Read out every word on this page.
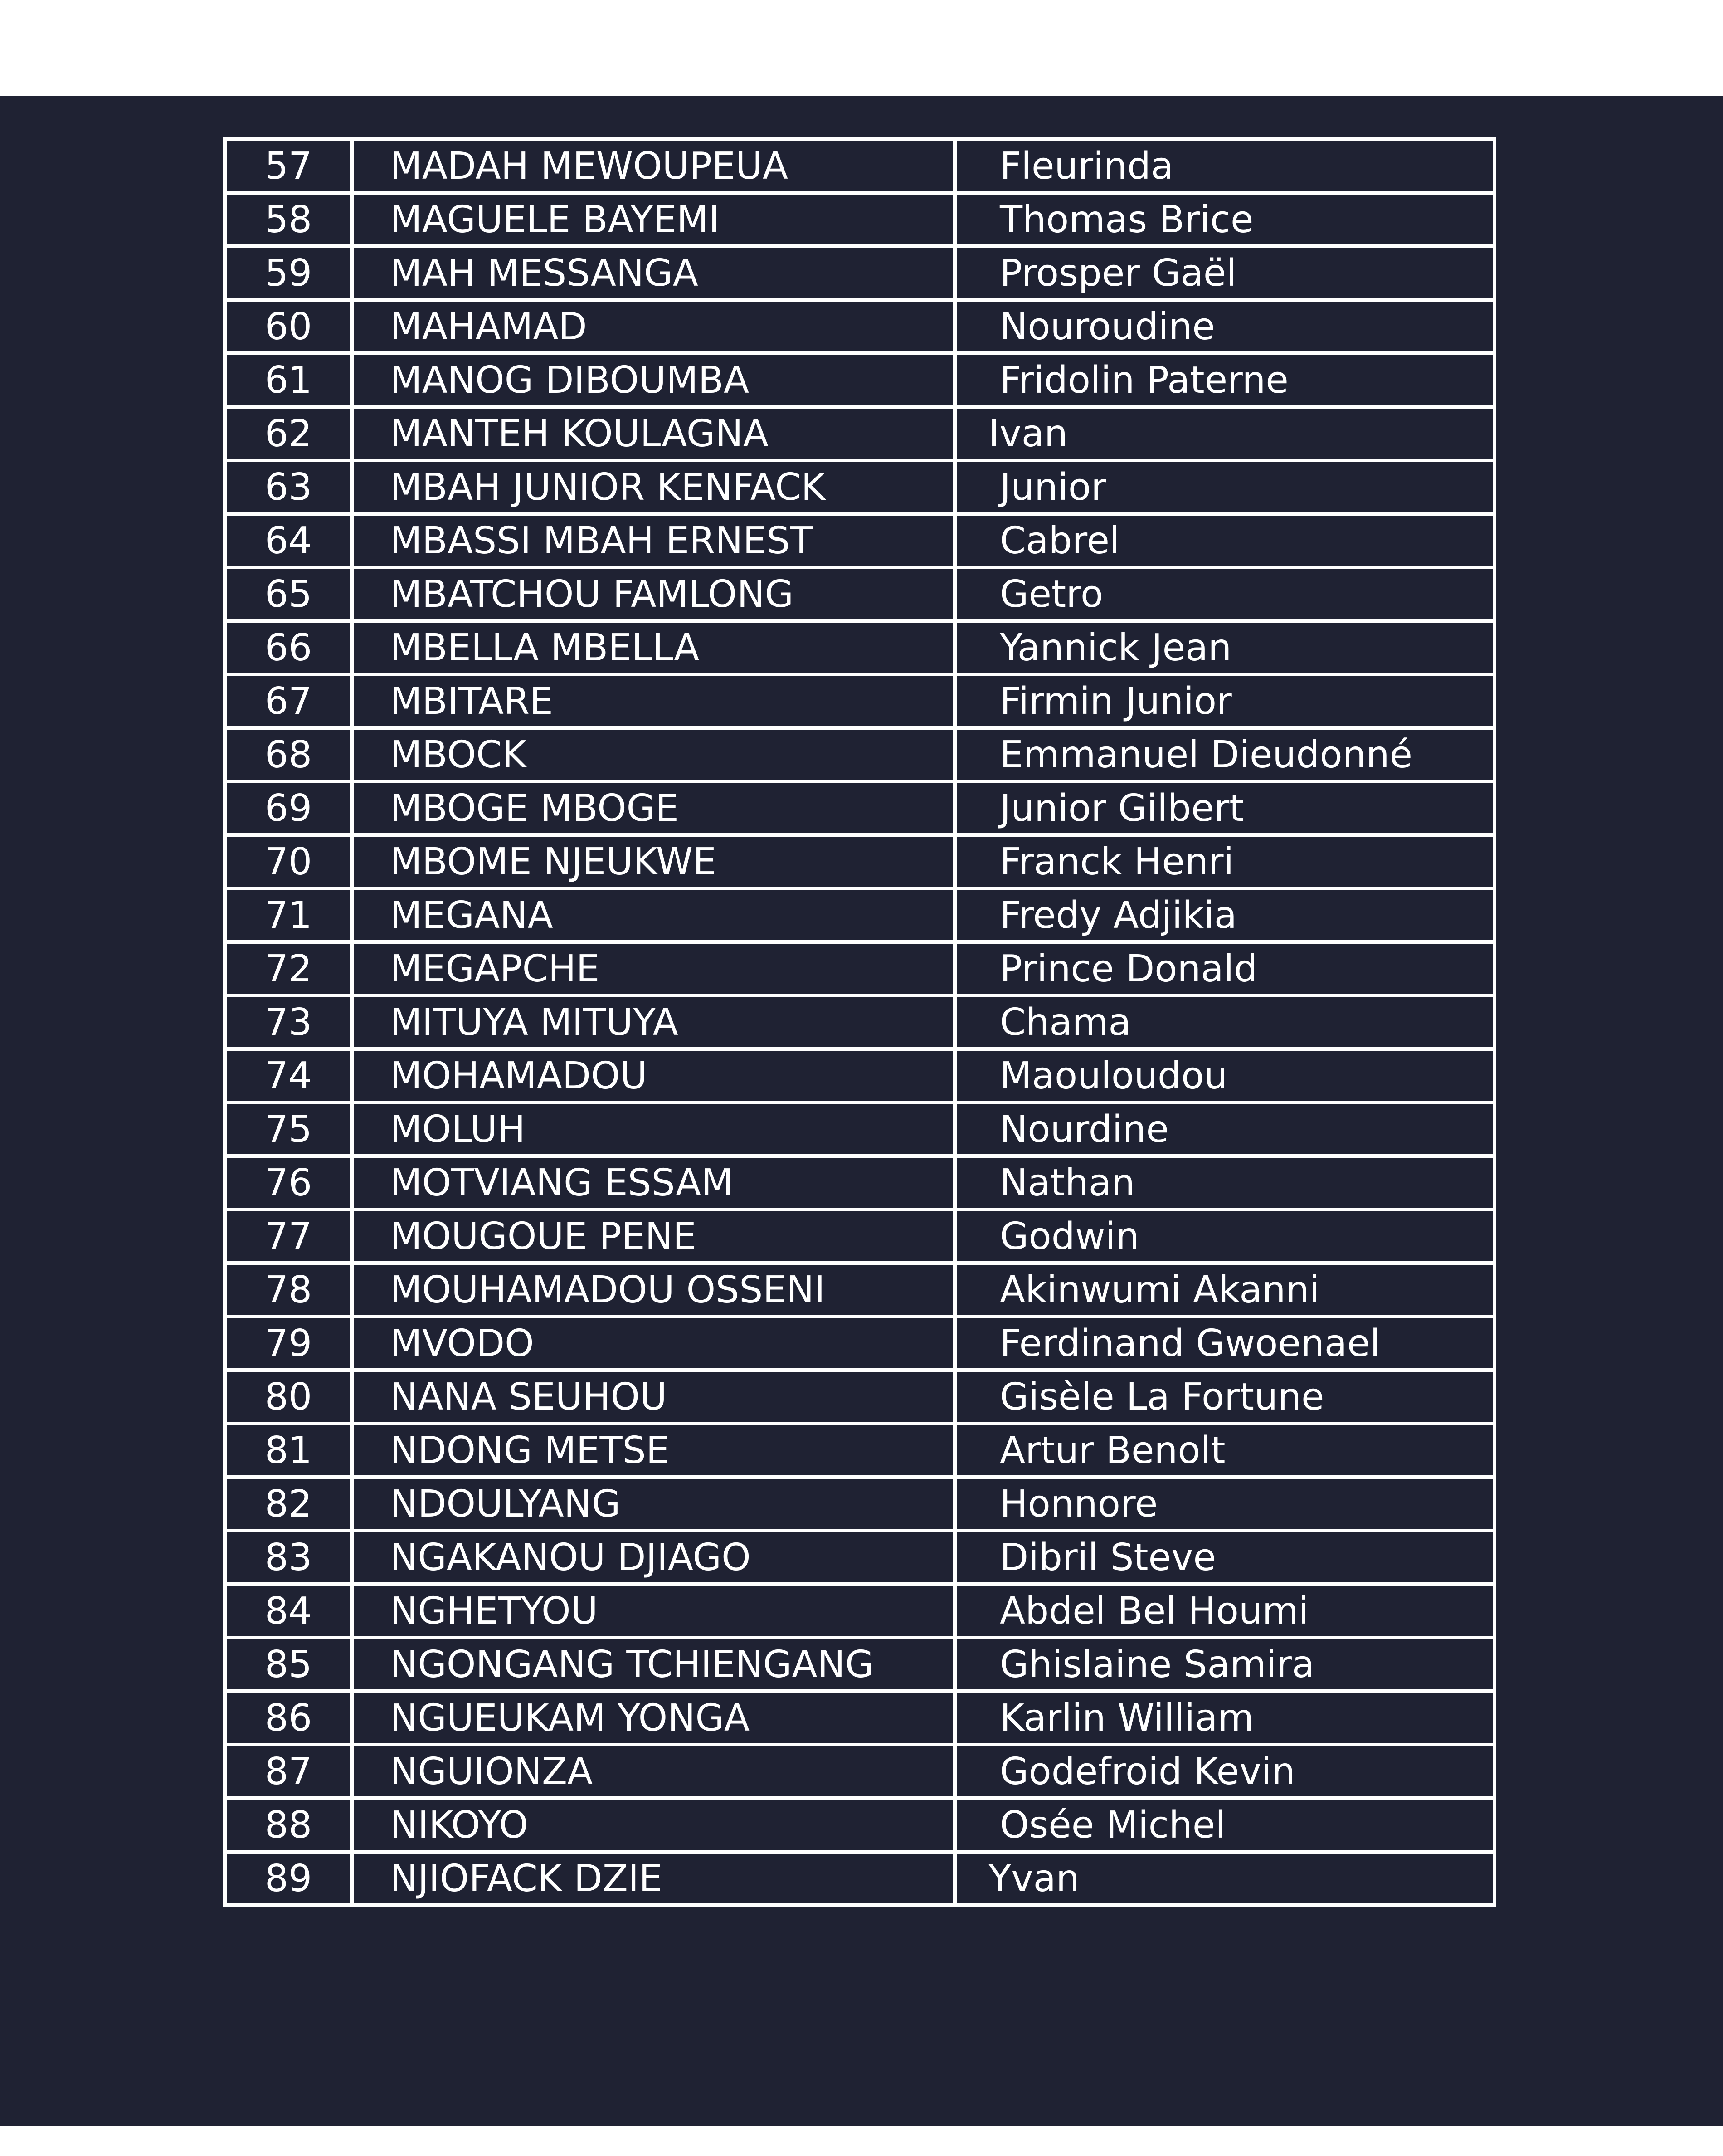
57	MADAH MEWOUPEUA	Fleurinda
58	MAGUELE BAYEMI	Thomas Brice
59	MAH MESSANGA	Prosper Gaël
60	MAHAMAD	Nouroudine
61	MANOG DIBOUMBA	Fridolin Paterne
62	MANTEH KOULAGNA	Ivan
63	MBAH JUNIOR KENFACK	Junior
64	MBASSI MBAH ERNEST	Cabrel
65	MBATCHOU FAMLONG	Getro
66	MBELLA MBELLA	Yannick Jean
67	MBITARE	Firmin Junior
68	MBOCK	Emmanuel Dieudonné
69	MBOGE MBOGE	Junior Gilbert
70	MBOME NJEUKWE	Franck Henri
71	MEGANA	Fredy Adjikia
72	MEGAPCHE	Prince Donald
73	MITUYA MITUYA	Chama
74	MOHAMADOU	Maouloudou
75	MOLUH	Nourdine
76	MOTVIANG ESSAM	Nathan
77	MOUGOUE PENE	Godwin
78	MOUHAMADOU OSSENI	Akinwumi Akanni
79	MVODO	Ferdinand Gwoenael
80	NANA SEUHOU	Gisèle La Fortune
81	NDONG METSE	Artur Benolt
82	NDOULYANG	Honnore
83	NGAKANOU DJIAGO	Dibril Steve
84	NGHETYOU	Abdel Bel Houmi
85	NGONGANG TCHIENGANG	Ghislaine Samira
86	NGUEUKAM YONGA	Karlin William
87	NGUIONZA	Godefroid Kevin
88	NIKOYO	Osée Michel
89	NJIOFACK DZIE	Yvan
